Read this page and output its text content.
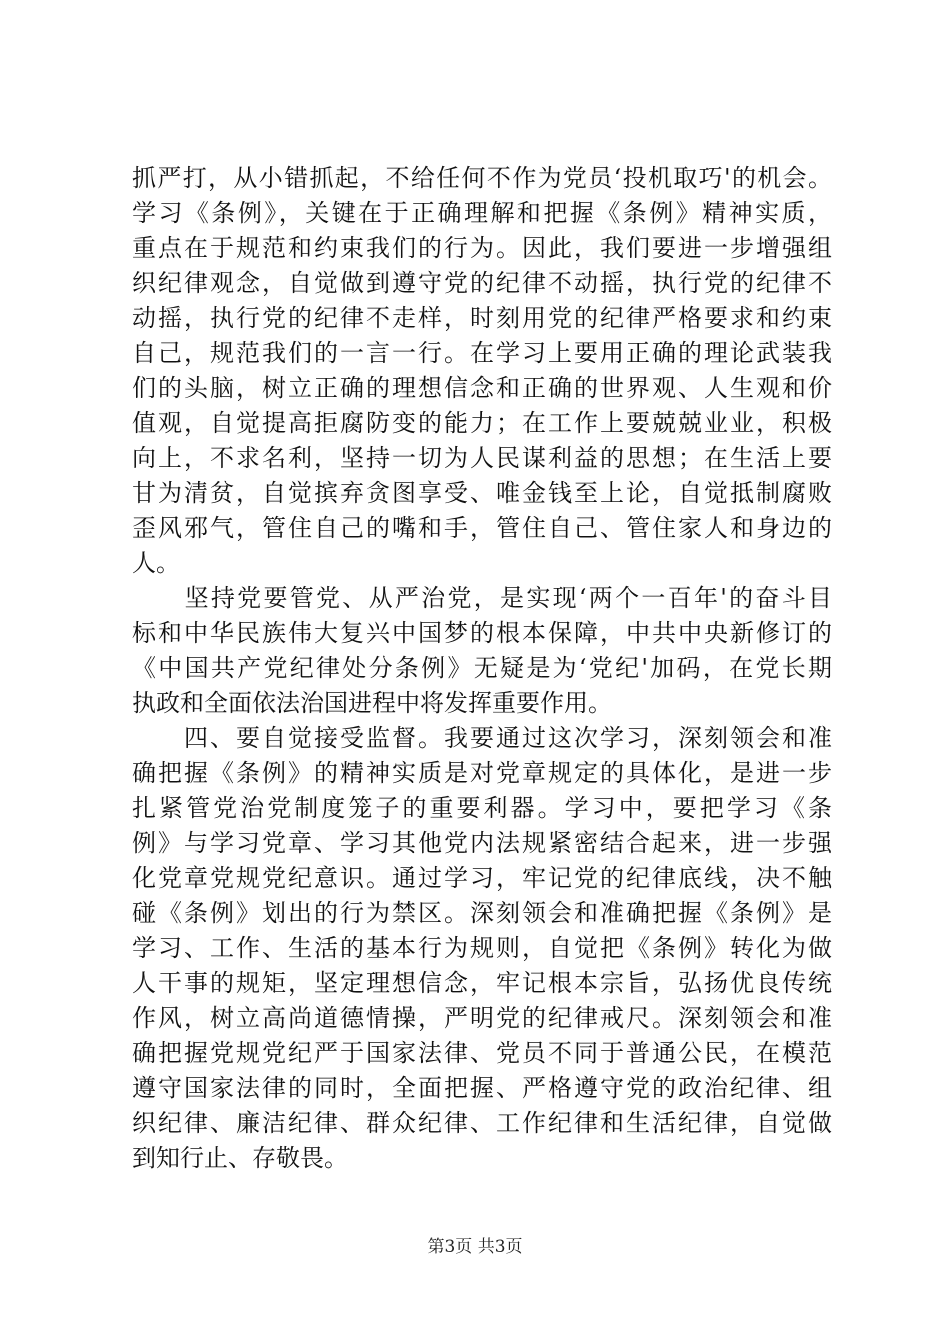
抓严打，从小错抓起，不给任何不作为党员‘投机取巧'的机会。
学习《条例》，关键在于正确理解和把握《条例》精神实质，
重点在于规范和约束我们的行为。因此，我们要进一步增强组
织纪律观念，自觉做到遵守党的纪律不动摇，执行党的纪律不
动摇，执行党的纪律不走样，时刻用党的纪律严格要求和约束
自己，规范我们的一言一行。在学习上要用正确的理论武装我
们的头脑，树立正确的理想信念和正确的世界观、人生观和价
值观，自觉提高拒腐防变的能力；在工作上要兢兢业业，积极
向上，不求名利，坚持一切为人民谋利益的思想；在生活上要
甘为清贫，自觉摈弃贪图享受、唯金钱至上论，自觉抵制腐败
歪风邪气，管住自己的嘴和手，管住自己、管住家人和身边的
人。
　　坚持党要管党、从严治党，是实现‘两个一百年'的奋斗目
标和中华民族伟大复兴中国梦的根本保障，中共中央新修订的
《中国共产党纪律处分条例》无疑是为‘党纪'加码，在党长期
执政和全面依法治国进程中将发挥重要作用。
　　四、要自觉接受监督。我要通过这次学习，深刻领会和准
确把握《条例》的精神实质是对党章规定的具体化，是进一步
扎紧管党治党制度笼子的重要利器。学习中，要把学习《条
例》与学习党章、学习其他党内法规紧密结合起来，进一步强
化党章党规党纪意识。通过学习，牢记党的纪律底线，决不触
碰《条例》划出的行为禁区。深刻领会和准确把握《条例》是
学习、工作、生活的基本行为规则，自觉把《条例》转化为做
人干事的规矩，坚定理想信念，牢记根本宗旨，弘扬优良传统
作风，树立高尚道德情操，严明党的纪律戒尺。深刻领会和准
确把握党规党纪严于国家法律、党员不同于普通公民，在模范
遵守国家法律的同时，全面把握、严格遵守党的政治纪律、组
织纪律、廉洁纪律、群众纪律、工作纪律和生活纪律，自觉做
到知行止、存敬畏。
第3页 共3页
